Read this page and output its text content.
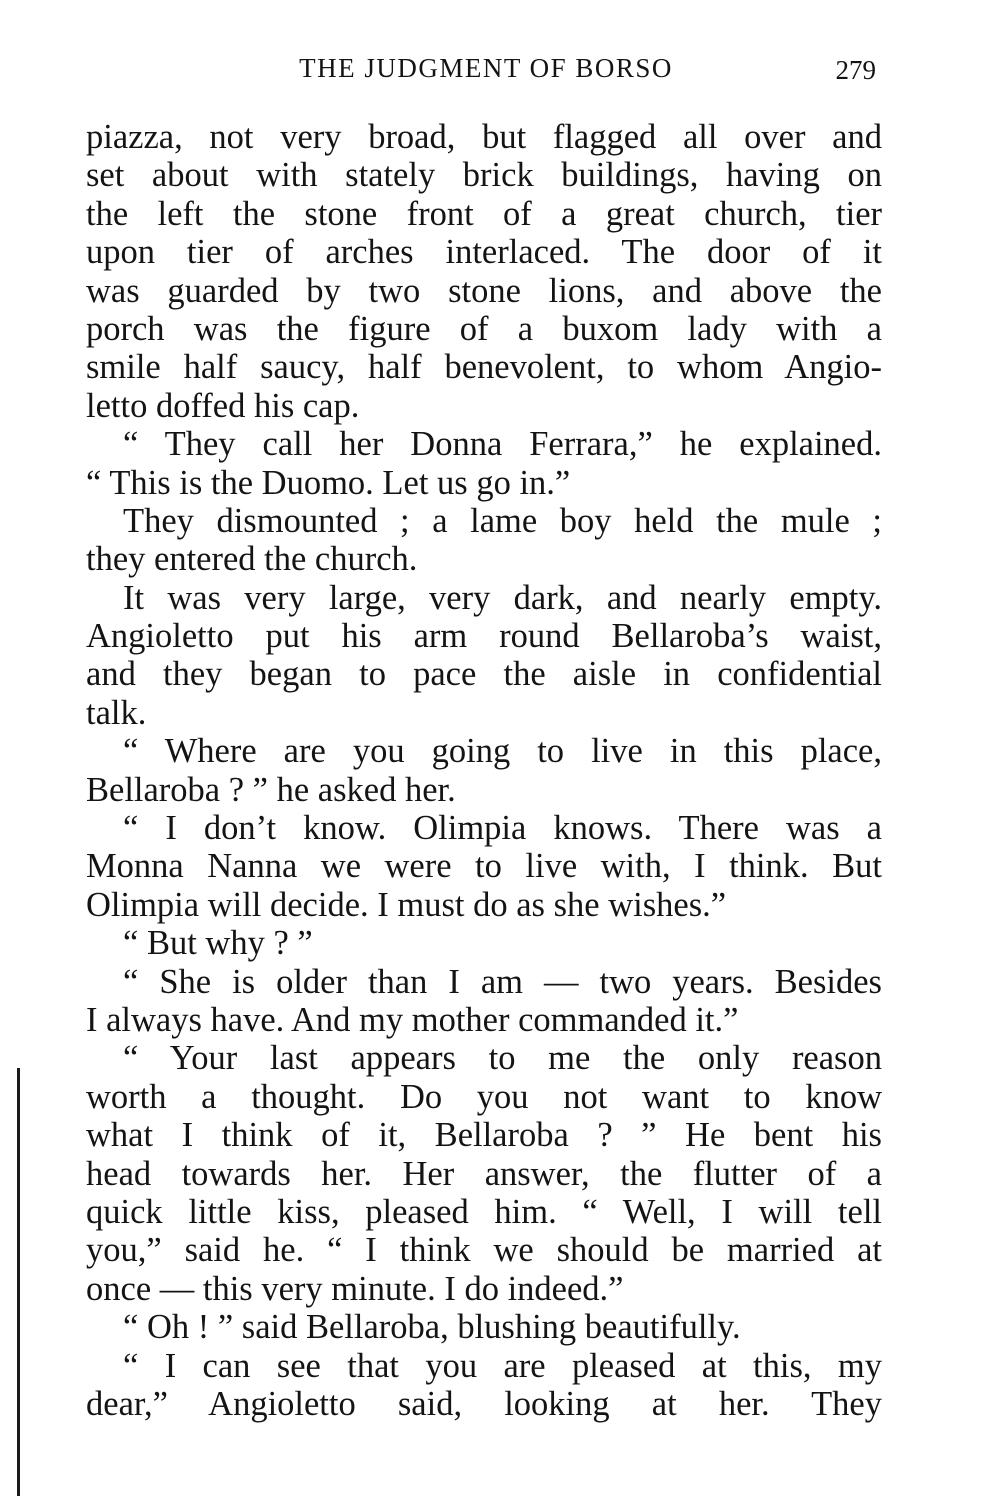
THE JUDGMENT OF BORSO	279
piazza, not very broad, but flagged all over and
set about with stately brick buildings, having on
the left the stone front of a great church, tier
upon tier of arches interlaced. The door of it
was guarded by two stone lions, and above the
porch was the figure of a buxom lady with a
smile half saucy, half benevolent, to whom Angio-
letto doffed his cap.
“ They call her Donna Ferrara,” he explained.
“ This is the Duomo. Let us go in.”
They dismounted ; a lame boy held the mule ;
they entered the church.
It was very large, very dark, and nearly empty.
Angioletto put his arm round Bellaroba’s waist,
and they began to pace the aisle in confidential
talk.
“ Where are you going to live in this place,
Bellaroba ? ” he asked her.
“ I don’t know. Olimpia knows. There was a
Monna Nanna we were to live with, I think. But
Olimpia will decide. I must do as she wishes.”
“ But why ? ”
“ She is older than I am — two years. Besides
I always have. And my mother commanded it.”
“ Your last appears to me the only reason
worth a thought. Do you not want to know
what I think of it, Bellaroba ? ” He bent his
head towards her. Her answer, the flutter of a
quick little kiss, pleased him. “ Well, I will tell
you,” said he. “ I think we should be married at
once — this very minute. I do indeed.”
“ Oh ! ” said Bellaroba, blushing beautifully.
“ I can see that you are pleased at this, my
dear,” Angioletto said, looking at her. They
